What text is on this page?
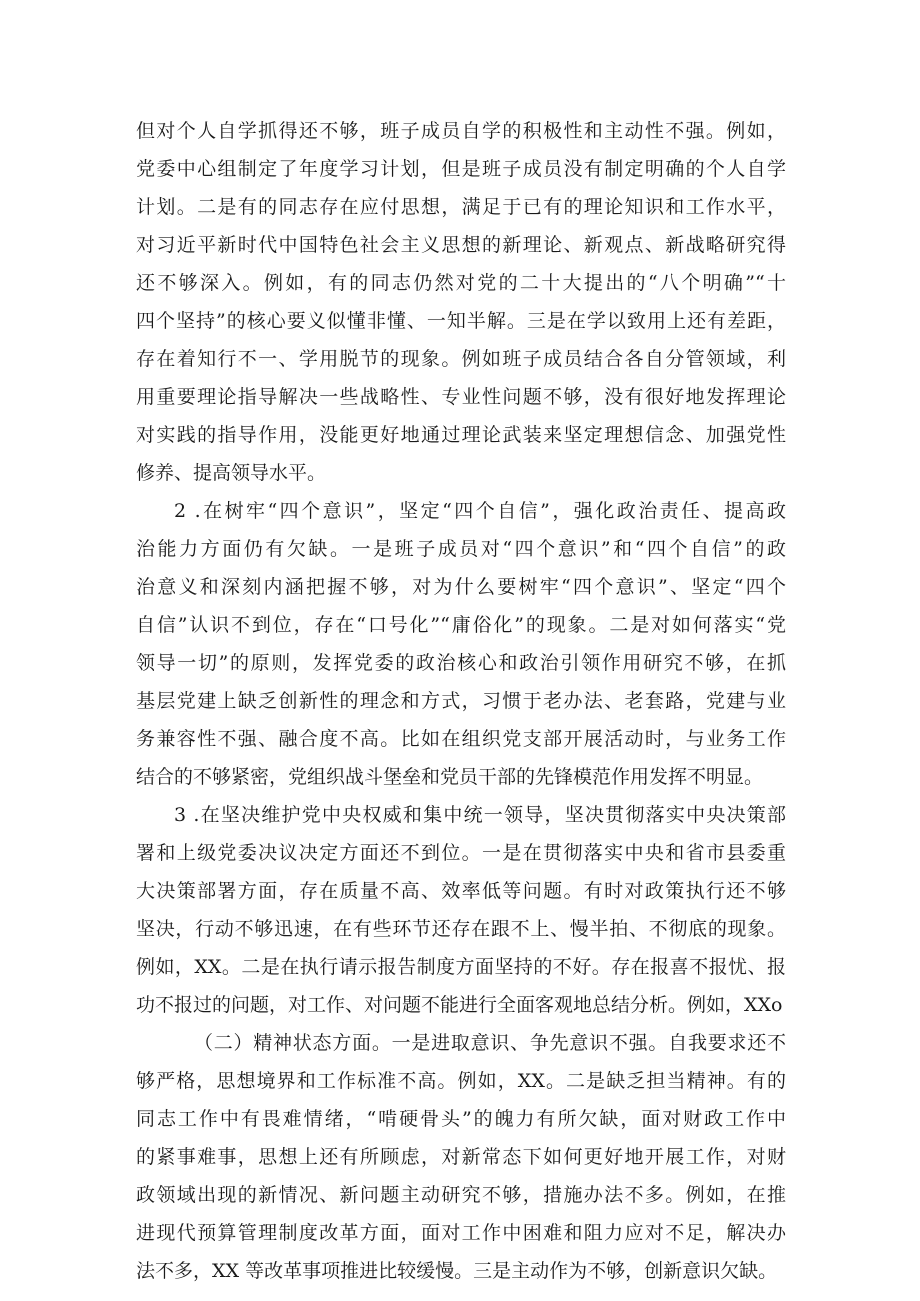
但对个人自学抓得还不够，班子成员自学的积极性和主动性不强。例如，
党委中心组制定了年度学习计划，但是班子成员没有制定明确的个人自学
计划。二是有的同志存在应付思想，满足于已有的理论知识和工作水平，
对习近平新时代中国特色社会主义思想的新理论、新观点、新战略研究得
还不够深入。例如，有的同志仍然对党的二十大提出的“八个明确”“十
四个坚持”的核心要义似懂非懂、一知半解。三是在学以致用上还有差距，
存在着知行不一、学用脱节的现象。例如班子成员结合各自分管领域，利
用重要理论指导解决一些战略性、专业性问题不够，没有很好地发挥理论
对实践的指导作用，没能更好地通过理论武装来坚定理想信念、加强党性
修养、提高领导水平。
2 .在树牢“四个意识”，坚定“四个自信”，强化政治责任、提高政
治能力方面仍有欠缺。一是班子成员对“四个意识”和“四个自信”的政
治意义和深刻内涵把握不够，对为什么要树牢“四个意识”、坚定“四个
自信”认识不到位，存在“口号化”“庸俗化”的现象。二是对如何落实“党
领导一切”的原则，发挥党委的政治核心和政治引领作用研究不够，在抓
基层党建上缺乏创新性的理念和方式，习惯于老办法、老套路，党建与业
务兼容性不强、融合度不高。比如在组织党支部开展活动时，与业务工作
结合的不够紧密，党组织战斗堡垒和党员干部的先锋模范作用发挥不明显。
3 .在坚决维护党中央权威和集中统一领导，坚决贯彻落实中央决策部
署和上级党委决议决定方面还不到位。一是在贯彻落实中央和省市县委重
大决策部署方面，存在质量不高、效率低等问题。有时对政策执行还不够
坚决，行动不够迅速，在有些环节还存在跟不上、慢半拍、不彻底的现象。
例如，XX。二是在执行请示报告制度方面坚持的不好。存在报喜不报忧、报
功不报过的问题，对工作、对问题不能进行全面客观地总结分析。例如，XXo
（二）精神状态方面。一是进取意识、争先意识不强。自我要求还不
够严格，思想境界和工作标准不高。例如，XX。二是缺乏担当精神。有的
同志工作中有畏难情绪，“啃硬骨头”的魄力有所欠缺，面对财政工作中
的紧事难事，思想上还有所顾虑，对新常态下如何更好地开展工作，对财
政领域出现的新情况、新问题主动研究不够，措施办法不多。例如，在推
进现代预算管理制度改革方面，面对工作中困难和阻力应对不足，解决办
法不多，XX 等改革事项推进比较缓慢。三是主动作为不够，创新意识欠缺。
